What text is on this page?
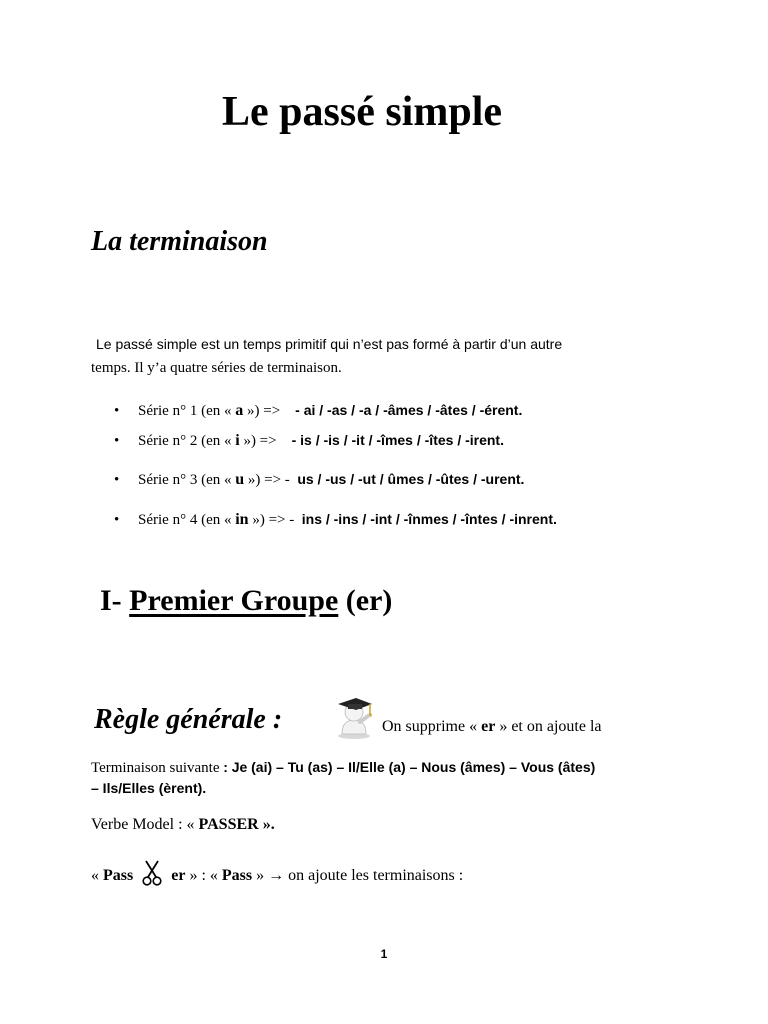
Le passé simple
La terminaison
Le passé simple est un temps primitif qui n’est pas formé à partir d’un autre
temps. Il y’a quatre séries de terminaison.
• Série n° 1 (en « a ») => - ai / -as / -a / -âmes / -âtes / -érent.
• Série n° 2 (en « i ») => - is / -is / -it / -îmes / -îtes / -irent.
• Série n° 3 (en « u ») => - us / -us / -ut / ûmes / -ûtes / -urent.
• Série n° 4 (en « in ») => - ins / -ins / -int / -înmes / -întes / -inrent.
I- Premier Groupe (er)
Règle générale :	On supprime « er » et on ajoute la
Terminaison suivante : Je (ai) – Tu (as) – Il/Elle (a) – Nous (âmes) – Vous (âtes)
– Ils/Elles (èrent).
Verbe Model : « PASSER ».
« Pass er » : « Pass » → on ajoute les terminaisons :
1
